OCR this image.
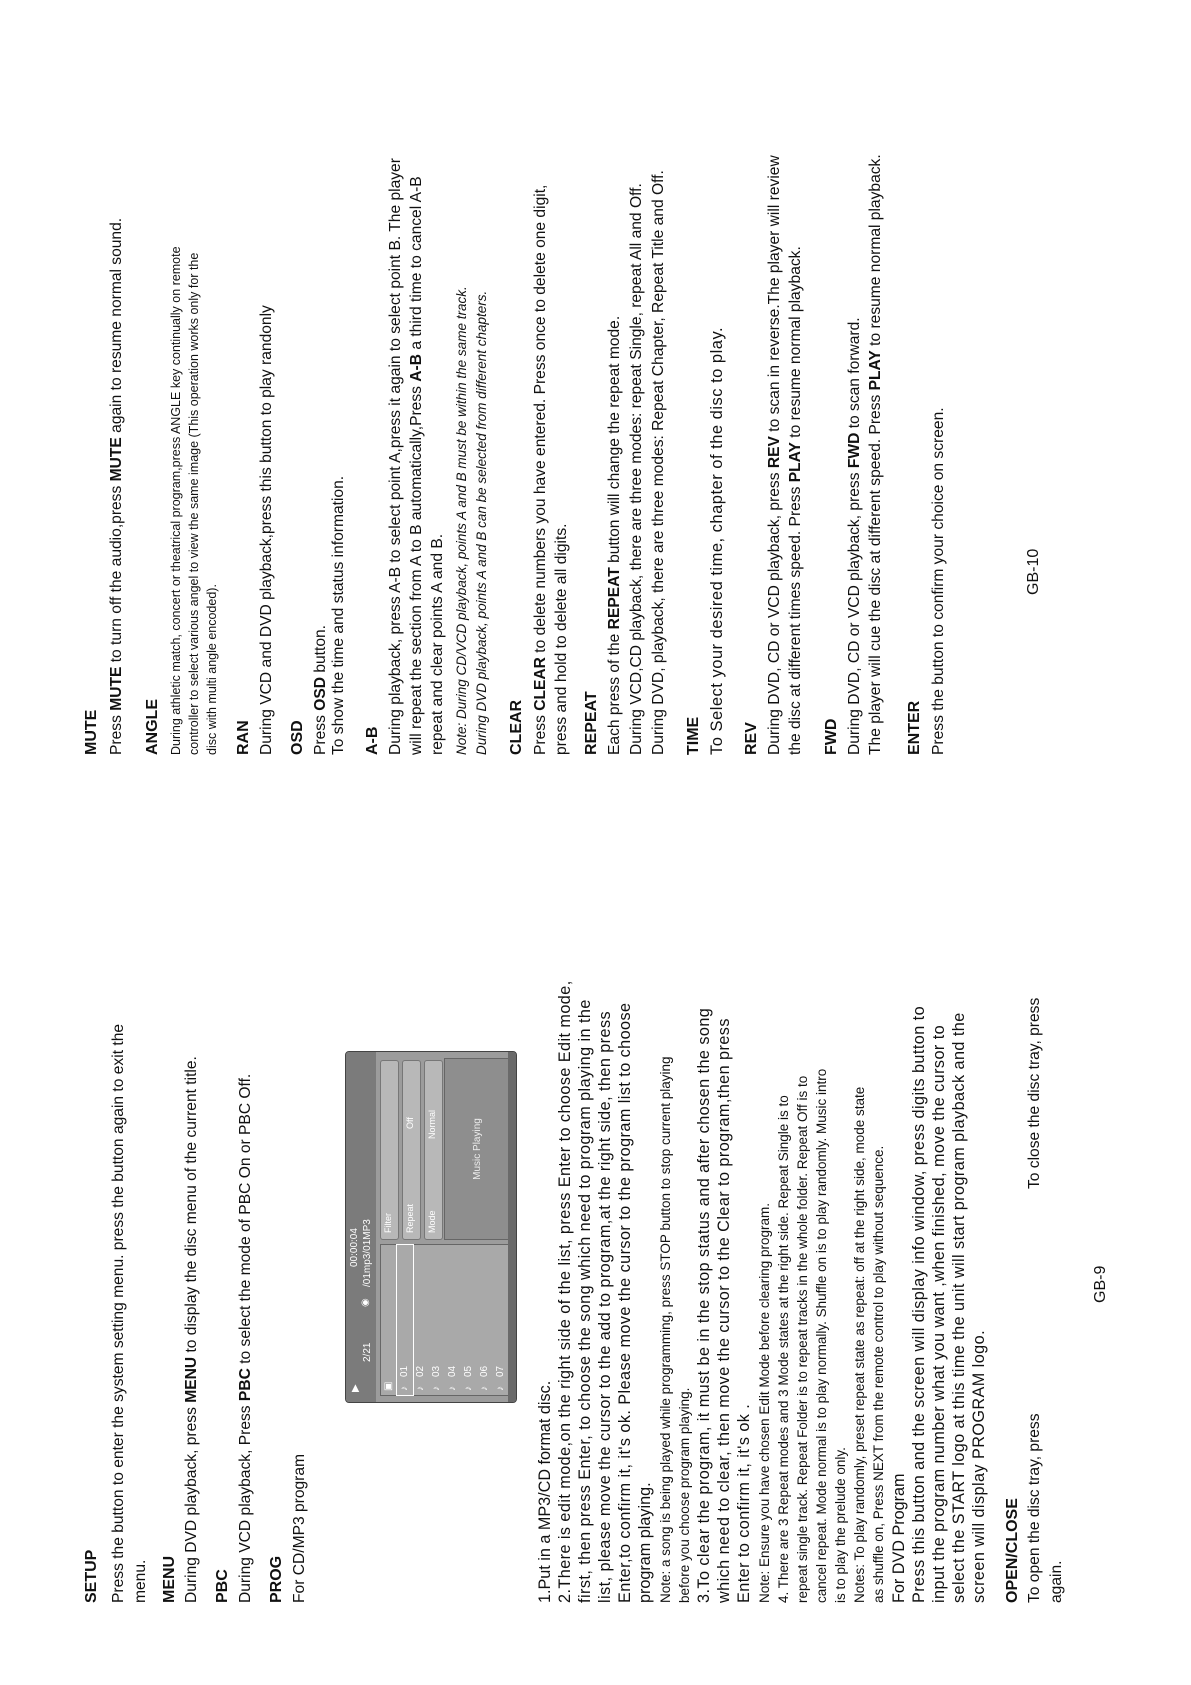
SETUP Press the button to enter the system setting menu. press the button again to exit the menu. MENU During DVD playback, press MENU to display the disc menu of the current title.
PBC During VCD playback, Press PBC to select the mode of PBC On or PBC Off.
PROG For CD/MP3 program
▶
2/21
◉
/01mp3/01MP3
00:00:04
▣ ♪
01
♪
02
♪
03
♪
04
♪
05
♪
06
♪
07
Filter Repeat
Off
Mode
Normal	Music Playing
1.Put in a MP3/CD format disc. 2.There is edit mode,on the right side of the list, press Enter to choose Edit mode, first, then press Enter, to choose the song which need to program playing in the list, please move the cursor to the add to program,at the right side, then press Enter,to confirm it, it's ok. Please move the cursor to the program list to choose program playing. Note: a song is being played while programming, press STOP button to stop current playing before you choose program playing. 3.To clear the program, it must be in the stop status and after chosen the song which need to clear, then move the cursor to the Clear to program,then press Enter to confirm it, it's ok . Note: Ensure you have chosen Edit Mode before clearing program. 4. There are 3 Repeat modes and 3 Mode states at the right side. Repeat Single is to repeat single track. Repeat Folder is to repeat tracks in the whole folder. Repeat Off is to cancel repeat. Mode normal is to play normally. Shuffle on is to play randomly. Music intro is to play the prelude only. Notes: To play randomly, preset repeat state as repeat: off at the right side, mode state as shuffle on, Press NEXT from the remote control to play without sequence. For DVD Program Press this button and the screen will display info window, press digits button to input the program number what you want ,when finished, move the cursor to select the START logo at this time the unit will start program playback and the screen will display PROGRAM logo. OPEN/CLOSE To open the disc tray, press
To close the disc tray, press
again.
GB-9
MUTE Press MUTE to turn off the audio,press MUTE again to resume normal sound.
ANGLE During athletic match, concert or theatrical program,press ANGLE key continually on remote controller to select various angel to view the same image (This operation works only for the disc with multi angle encoded). RAN During VCD and DVD playback,press this button to play randonly OSD Press OSD button. To show the time and status information. A-B During playback, press A-B to select point A,press it again to select point B. The player will repeat the section from A to B automatically,Press A-B a third time to cancel A-B
repeat and clear points A and B. Note: During CD/VCD playback, points A and B must be within the same track. During DVD playback, points A and B can be selected from different chapters. CLEAR Press CLEAR to delete numbers you have entered. Press once to delete one digit, press and hold to delete all digits. REPEAT Each press of the REPEAT button will change the repeat mode. During VCD,CD playback, there are three modes: repeat Single, repeat All and Off. During DVD, playback, there are three modes: Repeat Chapter, Repeat Title and Off. TIME To Select your desired time, chapter of the disc to play. REV During DVD, CD or VCD playback, press REV to scan in reverse.The player will review
the disc at different times speed. Press PLAY to resume normal playback.
FWD During DVD, CD or VCD playback, press FWD to scan forward.
The player will cue the disc at different speed. Press PLAY to resume normal playback.
ENTER Press the button to confirm your choice on screen.	GB-10
